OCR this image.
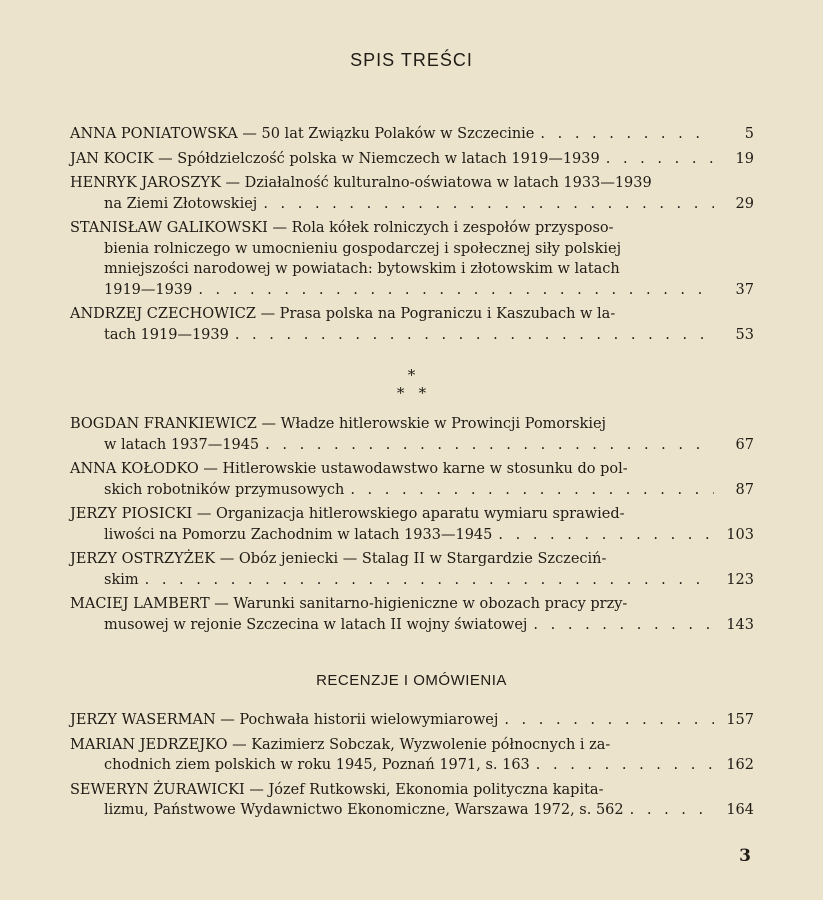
SPIS TREŚCI
ANNA PONIATOWSKA — 50 lat Związku Polaków w Szczecinie . . .	5
JAN KOCIK — Spółdzielczość polska w Niemczech w latach 1919—1939 . . .	19
HENRYK JAROSZYK — Działalność kulturalno-oświatowa w latach 1933—1939
na Ziemi Złotowskiej . . .	29
STANISŁAW GALIKOWSKI — Rola kółek rolniczych i zespołów przysposo-
bienia rolniczego w umocnieniu gospodarczej i społecznej siły polskiej
mniejszości narodowej w powiatach: bytowskim i złotowskim w latach
1919—1939 . . .	37
ANDRZEJ CZECHOWICZ — Prasa polska na Pograniczu i Kaszubach w la-
tach 1919—1939 . . .	53
*
*   *
BOGDAN FRANKIEWICZ — Władze hitlerowskie w Prowincji Pomorskiej
w latach 1937—1945 . . .	67
ANNA KOŁODKO — Hitlerowskie ustawodawstwo karne w stosunku do pol-
skich robotników przymusowych . . .	87
JERZY PIOSICKI — Organizacja hitlerowskiego aparatu wymiaru sprawied-
liwości na Pomorzu Zachodnim w latach 1933—1945 . . .	103
JERZY OSTRZYŻEK — Obóz jeniecki — Stalag II w Stargardzie Szczeciń-
skim . . .	123
MACIEJ LAMBERT — Warunki sanitarno-higieniczne w obozach pracy przy-
musowej w rejonie Szczecina w latach II wojny światowej . . .	143
RECENZJE I OMÓWIENIA
JERZY WASERMAN — Pochwała historii wielowymiarowej . . .	157
MARIAN JEDRZEJKO — Kazimierz Sobczak, Wyzwolenie północnych i za-
chodnich ziem polskich w roku 1945, Poznań 1971, s. 163 . . .	162
SEWERYN ŻURAWICKI — Józef Rutkowski, Ekonomia polityczna kapita-
lizmu, Państwowe Wydawnictwo Ekonomiczne, Warszawa 1972, s. 562 . . .	164
3
